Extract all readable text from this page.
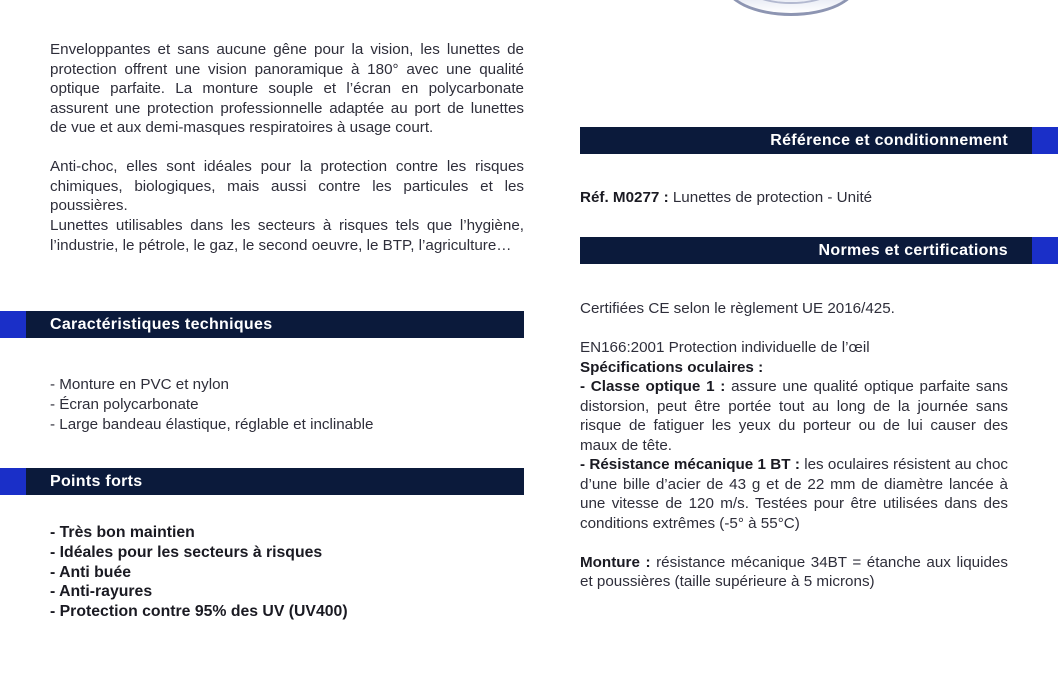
Enveloppantes et sans aucune gêne pour la vision, les lunettes de protection offrent une vision panoramique à 180° avec une qualité optique parfaite. La monture souple et l’écran en polycarbonate assurent une protection professionnelle adaptée au port de lunettes de vue et aux demi-masques respiratoires à usage court.

Anti-choc, elles sont idéales pour la protection contre les risques chimiques, biologiques, mais aussi contre les particules et les poussières.

Lunettes utilisables dans les secteurs à risques tels que l’hygiène, l’industrie, le pétrole, le gaz, le second oeuvre, le BTP, l’agriculture…

Caractéristiques techniques
- Monture en PVC et nylon
- Écran polycarbonate
- Large bandeau élastique, réglable et inclinable
Points forts
- Très bon maintien
- Idéales pour les secteurs à risques
- Anti buée
- Anti-rayures
- Protection contre 95% des UV (UV400)
Référence et conditionnement

Réf. M0277 : Lunettes de protection - Unité

Normes et certifications
Certifiées CE selon le règlement UE 2016/425.
EN166:2001 Protection individuelle de l’œil
Spécifications oculaires :
- Classe optique 1 : assure une qualité optique parfaite sans distorsion, peut être portée tout au long de la journée sans risque de fatiguer les yeux du porteur ou de lui causer des maux de tête.
- Résistance mécanique 1 BT : les oculaires résistent au choc d’une bille d’acier de 43 g et de 22 mm de diamètre lancée à une vitesse de 120 m/s. Testées pour être utilisées dans des conditions extrêmes (-5° à 55°C)
Monture : résistance mécanique 34BT = étanche aux liquides et poussières (taille supérieure à 5 microns)
